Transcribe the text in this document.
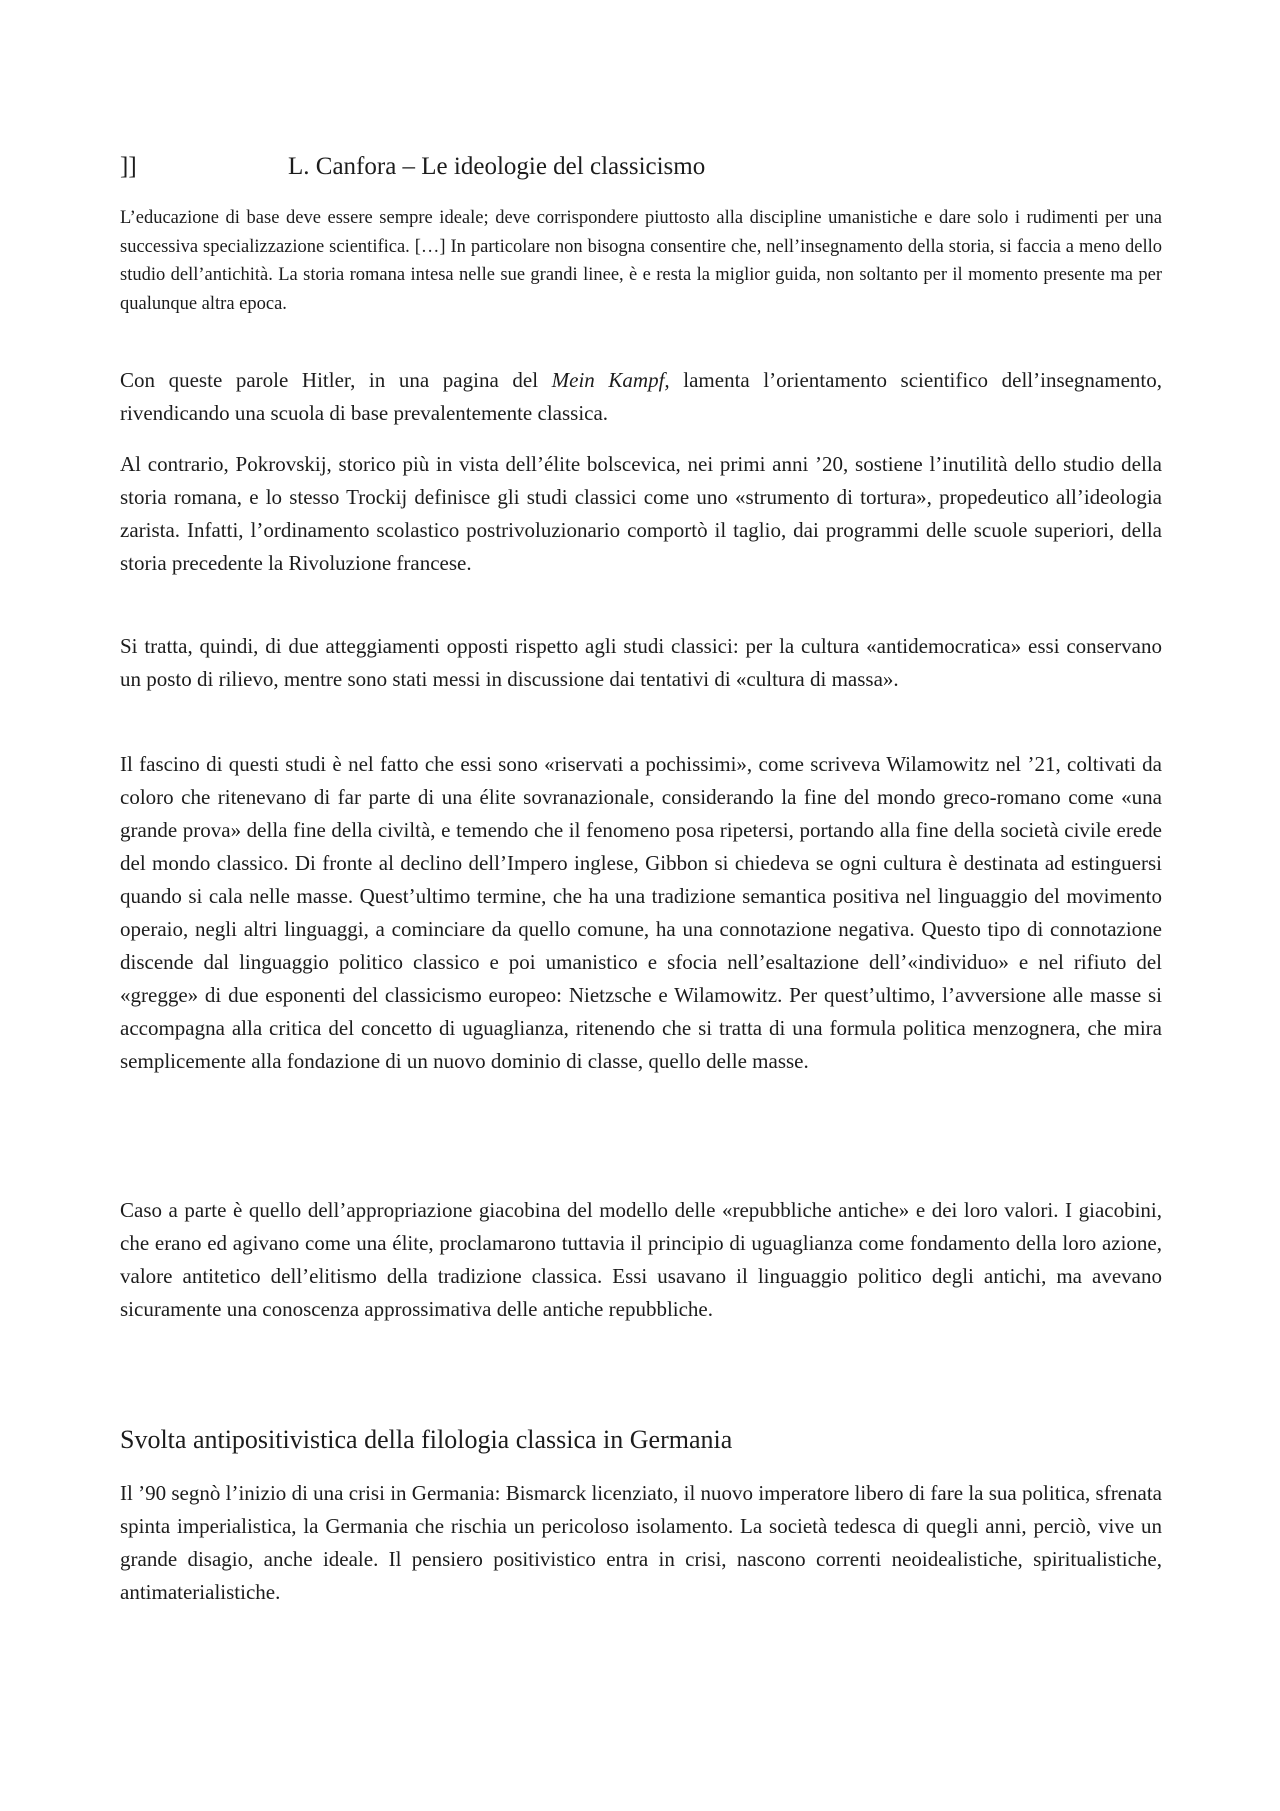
]]	L. Canfora – Le ideologie del classicismo

L’educazione di base deve essere sempre ideale; deve corrispondere piuttosto alla discipline umanistiche e dare solo i rudimenti per una successiva specializzazione scientifica. […] In particolare non bisogna consentire che, nell’insegnamento della storia, si faccia a meno dello studio dell’antichità. La storia romana intesa nelle sue grandi linee, è e resta la miglior guida, non soltanto per il momento presente ma per qualunque altra epoca.

Con queste parole Hitler, in una pagina del Mein Kampf, lamenta l’orientamento scientifico dell’insegnamento, rivendicando una scuola di base prevalentemente classica.

Al contrario, Pokrovskij, storico più in vista dell’élite bolscevica, nei primi anni ’20, sostiene l’inutilità dello studio della storia romana, e lo stesso Trockij definisce gli studi classici come uno «strumento di tortura», propedeutico all’ideologia zarista. Infatti, l’ordinamento scolastico postrivoluzionario comportò il taglio, dai programmi delle scuole superiori, della storia precedente la Rivoluzione francese.

Si tratta, quindi, di due atteggiamenti opposti rispetto agli studi classici: per la cultura «antidemocratica» essi conservano un posto di rilievo, mentre sono stati messi in discussione dai tentativi di «cultura di massa».

Il fascino di questi studi è nel fatto che essi sono «riservati a pochissimi», come scriveva Wilamowitz nel ’21, coltivati da coloro che ritenevano di far parte di una élite sovranazionale, considerando la fine del mondo greco-romano come «una grande prova» della fine della civiltà, e temendo che il fenomeno posa ripetersi, portando alla fine della società civile erede del mondo classico. Di fronte al declino dell’Impero inglese, Gibbon si chiedeva se ogni cultura è destinata ad estinguersi quando si cala nelle masse. Quest’ultimo termine, che ha una tradizione semantica positiva nel linguaggio del movimento operaio, negli altri linguaggi, a cominciare da quello comune, ha una connotazione negativa. Questo tipo di connotazione discende dal linguaggio politico classico e poi umanistico e sfocia nell’esaltazione dell’«individuo» e nel rifiuto del «gregge» di due esponenti del classicismo europeo: Nietzsche e Wilamowitz. Per quest’ultimo, l’avversione alle masse si accompagna alla critica del concetto di uguaglianza, ritenendo che si tratta di una formula politica menzognera, che mira semplicemente alla fondazione di un nuovo dominio di classe, quello delle masse.

Caso a parte è quello dell’appropriazione giacobina del modello delle «repubbliche antiche» e dei loro valori. I giacobini, che erano ed agivano come una élite, proclamarono tuttavia il principio di uguaglianza come fondamento della loro azione, valore antitetico dell’elitismo della tradizione classica. Essi usavano il linguaggio politico degli antichi, ma avevano sicuramente una conoscenza approssimativa delle antiche repubbliche.

Svolta antipositivistica della filologia classica in Germania

Il ’90 segnò l’inizio di una crisi in Germania: Bismarck licenziato, il nuovo imperatore libero di fare la sua politica, sfrenata spinta imperialistica, la Germania che rischia un pericoloso isolamento. La società tedesca di quegli anni, perciò, vive un grande disagio, anche ideale. Il pensiero positivistico entra in crisi, nascono correnti neoidealistiche, spiritualistiche, antimaterialistiche.
